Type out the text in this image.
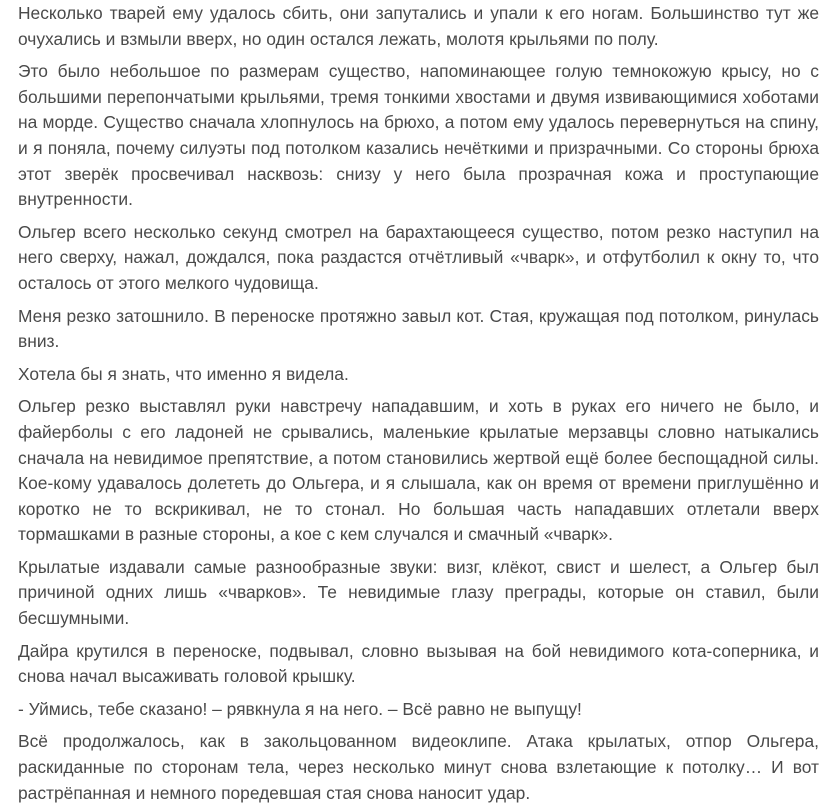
Несколько тварей ему удалось сбить, они запутались и упали к его ногам. Большинство тут же очухались и взмыли вверх, но один остался лежать, молотя крыльями по полу.

Это было небольшое по размерам существо, напоминающее голую темнокожую крысу, но с большими перепончатыми крыльями, тремя тонкими хвостами и двумя извивающимися хоботами на морде. Существо сначала хлопнулось на брюхо, а потом ему удалось перевернуться на спину, и я поняла, почему силуэты под потолком казались нечёткими и призрачными. Со стороны брюха этот зверёк просвечивал насквозь: снизу у него была прозрачная кожа и проступающие внутренности.

Ольгер всего несколько секунд смотрел на барахтающееся существо, потом резко наступил на него сверху, нажал, дождался, пока раздастся отчётливый «чварк», и отфутболил к окну то, что осталось от этого мелкого чудовища.

Меня резко затошнило. В переноске протяжно завыл кот. Стая, кружащая под потолком, ринулась вниз.

Хотела бы я знать, что именно я видела.

Ольгер резко выставлял руки навстречу нападавшим, и хоть в руках его ничего не было, и файерболы с его ладоней не срывались, маленькие крылатые мерзавцы словно натыкались сначала на невидимое препятствие, а потом становились жертвой ещё более беспощадной силы. Кое-кому удавалось долететь до Ольгера, и я слышала, как он время от времени приглушённо и коротко не то вскрикивал, не то стонал. Но большая часть нападавших отлетали вверх тормашками в разные стороны, а кое с кем случался и смачный «чварк».

Крылатые издавали самые разнообразные звуки: визг, клёкот, свист и шелест, а Ольгер был причиной одних лишь «чварков». Те невидимые глазу преграды, которые он ставил, были бесшумными.

Дайра крутился в переноске, подвывал, словно вызывая на бой невидимого кота-соперника, и снова начал высаживать головой крышку.

- Уймись, тебе сказано! – рявкнула я на него. – Всё равно не выпущу!

Всё продолжалось, как в закольцованном видеоклипе. Атака крылатых, отпор Ольгера, раскиданные по сторонам тела, через несколько минут снова взлетающие к потолку… И вот растрёпанная и немного поредевшая стая снова наносит удар.
